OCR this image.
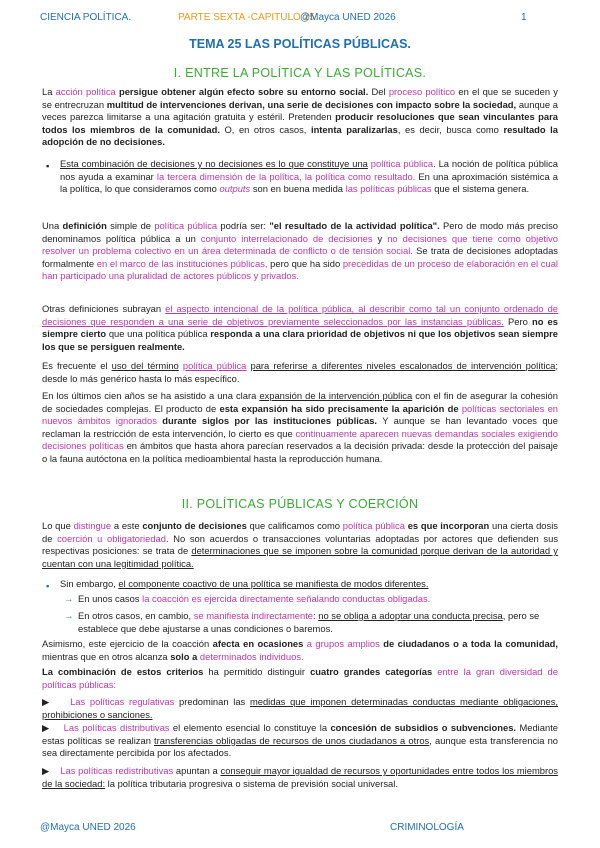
CIENCIA POLÍTICA.	PARTE SEXTA -CAPITULO 25.
@Mayca UNED 2026	1
TEMA 25 LAS POLÍTICAS PÚBLICAS.
I. ENTRE LA POLÍTICA Y LAS POLÍTICAS.
La acción política persigue obtener algún efecto sobre su entorno social. Del proceso político en el que se suceden y se entrecruzan multitud de intervenciones derivan, una serie de decisiones con impacto sobre la sociedad, aunque a veces parezca limitarse a una agitación gratuita y estéril. Pretenden producir resoluciones que sean vinculantes para todos los miembros de la comunidad. O, en otros casos, intenta paralizarlas, es decir, busca como resultado la adopción de no decisiones.
▪ Esta combinación de decisiones y no decisiones es lo que constituye una política pública. La noción de política pública nos ayuda a examinar la tercera dimensión de la política, la política como resultado. En una aproximación sistémica a la política, lo que consideramos como outputs son en buena medida las políticas públicas que el sistema genera.
Una definición simple de política pública podría ser: "el resultado de la actividad política". Pero de modo más preciso denominamos política pública a un conjunto interrelacionado de decisiones y no decisiones que tiene como objetivo resolver un problema colectivo en un área determinada de conflicto o de tensión social. Se trata de decisiones adoptadas formalmente en el marco de las instituciones públicas, pero que ha sido precedidas de un proceso de elaboración en el cual han participado una pluralidad de actores públicos y privados.
Otras definiciones subrayan el aspecto intencional de la política pública, al describir como tal un conjunto ordenado de decisiones que responden a una serie de objetivos previamente seleccionados por las instancias públicas. Pero no es siempre cierto que una política pública responda a una clara prioridad de objetivos ni que los objetivos sean siempre los que se persiguen realmente.
Es frecuente el uso del término política pública para referirse a diferentes niveles escalonados de intervención política; desde lo más genérico hasta lo más específico.
En los últimos cien años se ha asistido a una clara expansión de la intervención pública con el fin de asegurar la cohesión de sociedades complejas. El producto de esta expansión ha sido precisamente la aparición de políticas sectoriales en nuevos ámbitos ignorados durante siglos por las instituciones públicas. Y aunque se han levantado voces que reclaman la restricción de esta intervención, lo cierto es que continuamente aparecen nuevas demandas sociales exigiendo decisiones políticas en ámbitos que hasta ahora parecían reservados a la decisión privada: desde la protección del paisaje o la fauna autóctona en la política medioambiental hasta la reproducción humana.
II. POLÍTICAS PÚBLICAS Y COERCIÓN
Lo que distingue a este conjunto de decisiones que calificamos como política pública es que incorporan una cierta dosis de coerción u obligatoriedad. No son acuerdos o transacciones voluntarias adoptadas por actores que defienden sus respectivas posiciones: se trata de determinaciones que se imponen sobre la comunidad porque derivan de la autoridad y cuentan con una legitimidad política.
▪ Sin embargo, el componente coactivo de una política se manifiesta de modos diferentes.
→ En unos casos la coacción es ejercida directamente señalando conductas obligadas.
→ En otros casos, en cambio, se manifiesta indirectamente: no se obliga a adoptar una conducta precisa, pero se establece que debe ajustarse a unas condiciones o baremos.
Asimismo, este ejercicio de la coacción afecta en ocasiones a grupos amplios de ciudadanos o a toda la comunidad, mientras que en otros alcanza solo a determinados individuos.
La combinación de estos criterios ha permitido distinguir cuatro grandes categorías entre la gran diversidad de políticas públicas:
▶    Las políticas regulativas predominan las medidas que imponen determinadas conductas mediante obligaciones, prohibiciones o sanciones.
▶    Las políticas distributivas el elemento esencial lo constituye la concesión de subsidios o subvenciones. Mediante estas políticas se realizan transferencias obligadas de recursos de unos ciudadanos a otros, aunque esta transferencia no sea directamente percibida por los afectados.
▶    Las políticas redistributivas apuntan a conseguir mayor igualdad de recursos y oportunidades entre todos los miembros de la sociedad: la política tributaria progresiva o sistema de previsión social universal.
@Mayca UNED 2026	CRIMINOLOGÍA
